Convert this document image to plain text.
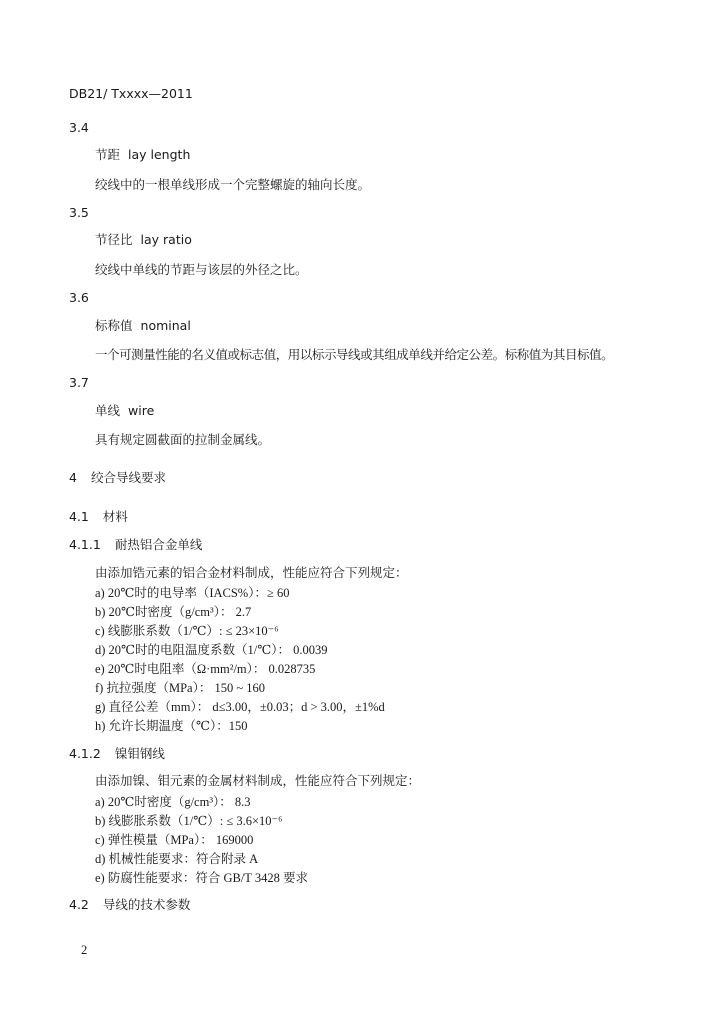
DB21/ Txxxx—2011
3.4
节距 lay length
绞线中的一根单线形成一个完整螺旋的轴向长度。
3.5
节径比 lay ratio
绞线中单线的节距与该层的外径之比。
3.6
标称值 nominal
一个可测量性能的名义值或标志值，用以标示导线或其组成单线并给定公差。标称值为其目标值。
3.7
单线 wire
具有规定圆截面的拉制金属线。
4 绞合导线要求
4.1 材料
4.1.1 耐热铝合金单线
由添加锆元素的铝合金材料制成，性能应符合下列规定：
a) 20℃时的电导率（IACS%）：≥ 60
b) 20℃时密度（g/cm³）： 2.7
c) 线膨胀系数（1/℃）: ≤ 23×10⁻⁶
d) 20℃时的电阻温度系数（1/℃）： 0.0039
e) 20℃时电阻率（Ω·mm²/m）： 0.028735
f) 抗拉强度（MPa）： 150 ~ 160
g) 直径公差（mm）： d≤3.00，±0.03；d > 3.00，±1%d
h) 允许长期温度（℃）：150
4.1.2 镍钼钢线
由添加镍、钼元素的金属材料制成，性能应符合下列规定：
a) 20℃时密度（g/cm³）： 8.3
b) 线膨胀系数（1/℃）: ≤ 3.6×10⁻⁶
c) 弹性模量（MPa）： 169000
d) 机械性能要求：符合附录 A
e) 防腐性能要求：符合 GB/T 3428 要求
4.2 导线的技术参数
2
